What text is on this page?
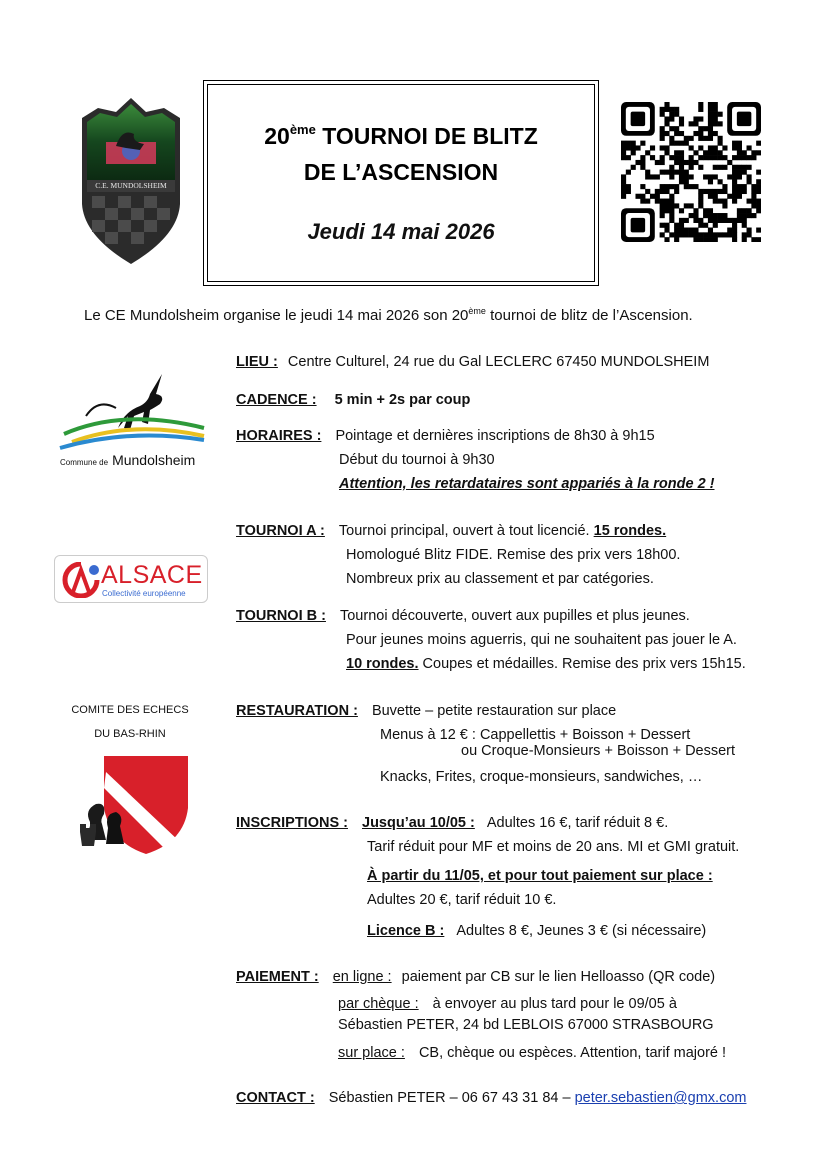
C.E. MUNDOLSHEIM
20ème TOURNOI DE BLITZ
DE L’ASCENSION
Jeudi 14 mai 2026
Le CE Mundolsheim organise le jeudi 14 mai 2026 son 20ème tournoi de blitz de l’Ascension.
Commune de Mundolsheim
ALSACE
Collectivité européenne
COMITE DES ECHECS
DU BAS-RHIN
LIEU : Centre Culturel, 24 rue du Gal LECLERC 67450 MUNDOLSHEIM
CADENCE : 5 min + 2s par coup
HORAIRES : Pointage et dernières inscriptions de 8h30 à 9h15
Début du tournoi à 9h30
Attention, les retardataires sont appariés à la ronde 2 !
TOURNOI A : Tournoi principal, ouvert à tout licencié. 15 rondes.
Homologué Blitz FIDE. Remise des prix vers 18h00.
Nombreux prix au classement et par catégories.
TOURNOI B : Tournoi découverte, ouvert aux pupilles et plus jeunes.
Pour jeunes moins aguerris, qui ne souhaitent pas jouer le A.
10 rondes. Coupes et médailles. Remise des prix vers 15h15.
RESTAURATION : Buvette – petite restauration sur place
Menus à 12 € : Cappellettis + Boisson + Dessert
ou Croque-Monsieurs + Boisson + Dessert
Knacks, Frites, croque-monsieurs, sandwiches, …
INSCRIPTIONS : Jusqu’au 10/05 : Adultes 16 €, tarif réduit 8 €.
Tarif réduit pour MF et moins de 20 ans. MI et GMI gratuit.
À partir du 11/05, et pour tout paiement sur place :
Adultes 20 €, tarif réduit 10 €.
Licence B : Adultes 8 €, Jeunes 3 € (si nécessaire)
PAIEMENT : en ligne : paiement par CB sur le lien Helloasso (QR code)
par chèque : à envoyer au plus tard pour le 09/05 à
Sébastien PETER, 24 bd LEBLOIS 67000 STRASBOURG
sur place : CB, chèque ou espèces. Attention, tarif majoré !
CONTACT : Sébastien PETER – 06 67 43 31 84 – peter.sebastien@gmx.com
